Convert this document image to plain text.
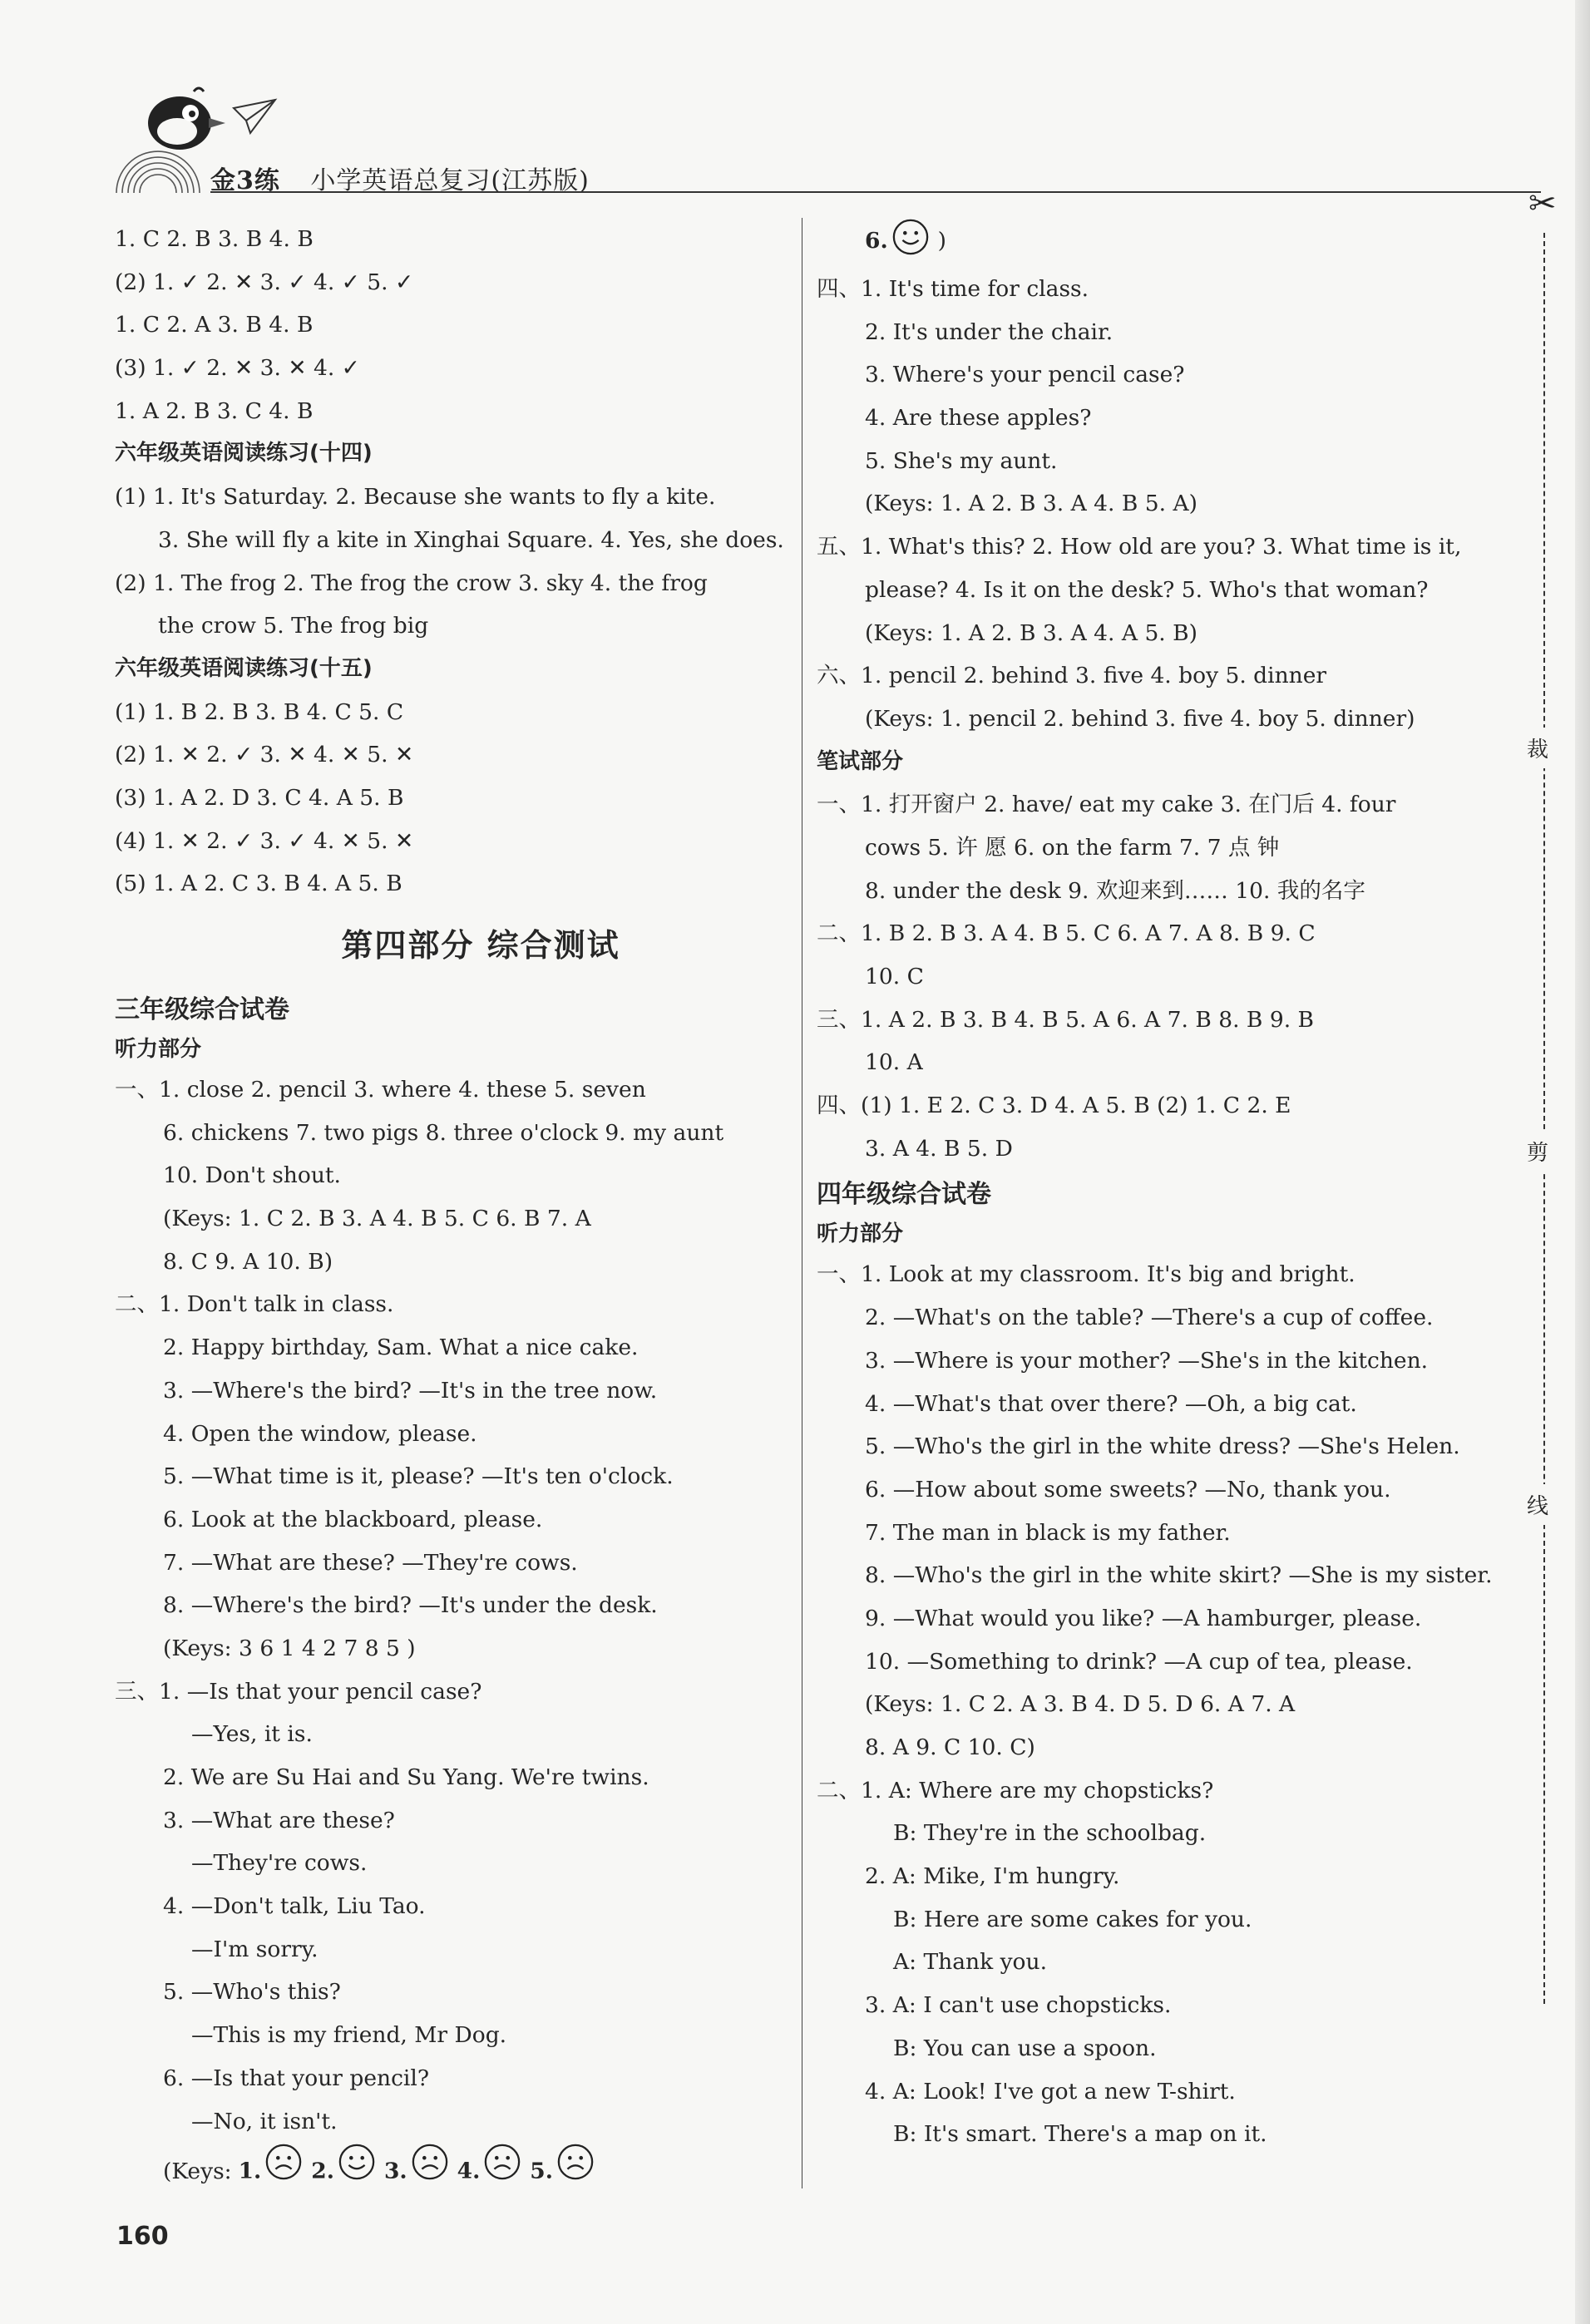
金3练 小学英语总复习(江苏版)
1. C 2. B 3. B 4. B
(2) 1. ✓ 2. ✕ 3. ✓ 4. ✓ 5. ✓
1. C 2. A 3. B 4. B
(3) 1. ✓ 2. ✕ 3. ✕ 4. ✓
1. A 2. B 3. C 4. B
六年级英语阅读练习(十四)
(1) 1. It's Saturday. 2. Because she wants to fly a kite.
3. She will fly a kite in Xinghai Square. 4. Yes, she does.
(2) 1. The frog 2. The frog the crow 3. sky 4. the frog
the crow 5. The frog big
六年级英语阅读练习(十五)
(1) 1. B 2. B 3. B 4. C 5. C
(2) 1. ✕ 2. ✓ 3. ✕ 4. ✕ 5. ✕
(3) 1. A 2. D 3. C 4. A 5. B
(4) 1. ✕ 2. ✓ 3. ✓ 4. ✕ 5. ✕
(5) 1. A 2. C 3. B 4. A 5. B
第四部分 综合测试
三年级综合试卷
听力部分
一、1. close 2. pencil 3. where 4. these 5. seven
6. chickens 7. two pigs 8. three o'clock 9. my aunt
10. Don't shout.
(Keys: 1. C 2. B 3. A 4. B 5. C 6. B 7. A
8. C 9. A 10. B)
二、1. Don't talk in class.
2. Happy birthday, Sam. What a nice cake.
3. —Where's the bird? —It's in the tree now.
4. Open the window, please.
5. —What time is it, please? —It's ten o'clock.
6. Look at the blackboard, please.
7. —What are these? —They're cows.
8. —Where's the bird? —It's under the desk.
(Keys: 3 6 1 4 2 7 8 5 )
三、1. —Is that your pencil case?
—Yes, it is.
2. We are Su Hai and Su Yang. We're twins.
3. —What are these?
—They're cows.
4. —Don't talk, Liu Tao.
—I'm sorry.
5. —Who's this?
—This is my friend, Mr Dog.
6. —Is that your pencil?
—No, it isn't.
(Keys: 1. 2. 3. 4. 5.
6. )
四、1. It's time for class.
2. It's under the chair.
3. Where's your pencil case?
4. Are these apples?
5. She's my aunt.
(Keys: 1. A 2. B 3. A 4. B 5. A)
五、1. What's this? 2. How old are you? 3. What time is it,
please? 4. Is it on the desk? 5. Who's that woman?
(Keys: 1. A 2. B 3. A 4. A 5. B)
六、1. pencil 2. behind 3. five 4. boy 5. dinner
(Keys: 1. pencil 2. behind 3. five 4. boy 5. dinner)
笔试部分
一、1. 打开窗户 2. have/ eat my cake 3. 在门后 4. four
cows 5. 许 愿 6. on the farm 7. 7 点 钟
8. under the desk 9. 欢迎来到…… 10. 我的名字
二、1. B 2. B 3. A 4. B 5. C 6. A 7. A 8. B 9. C
10. C
三、1. A 2. B 3. B 4. B 5. A 6. A 7. B 8. B 9. B
10. A
四、(1) 1. E 2. C 3. D 4. A 5. B (2) 1. C 2. E
3. A 4. B 5. D
四年级综合试卷
听力部分
一、1. Look at my classroom. It's big and bright.
2. —What's on the table? —There's a cup of coffee.
3. —Where is your mother? —She's in the kitchen.
4. —What's that over there? —Oh, a big cat.
5. —Who's the girl in the white dress? —She's Helen.
6. —How about some sweets? —No, thank you.
7. The man in black is my father.
8. —Who's the girl in the white skirt? —She is my sister.
9. —What would you like? —A hamburger, please.
10. —Something to drink? —A cup of tea, please.
(Keys: 1. C 2. A 3. B 4. D 5. D 6. A 7. A
8. A 9. C 10. C)
二、1. A: Where are my chopsticks?
B: They're in the schoolbag.
2. A: Mike, I'm hungry.
B: Here are some cakes for you.
A: Thank you.
3. A: I can't use chopsticks.
B: You can use a spoon.
4. A: Look! I've got a new T-shirt.
B: It's smart. There's a map on it.
160
✂
裁
剪
线
